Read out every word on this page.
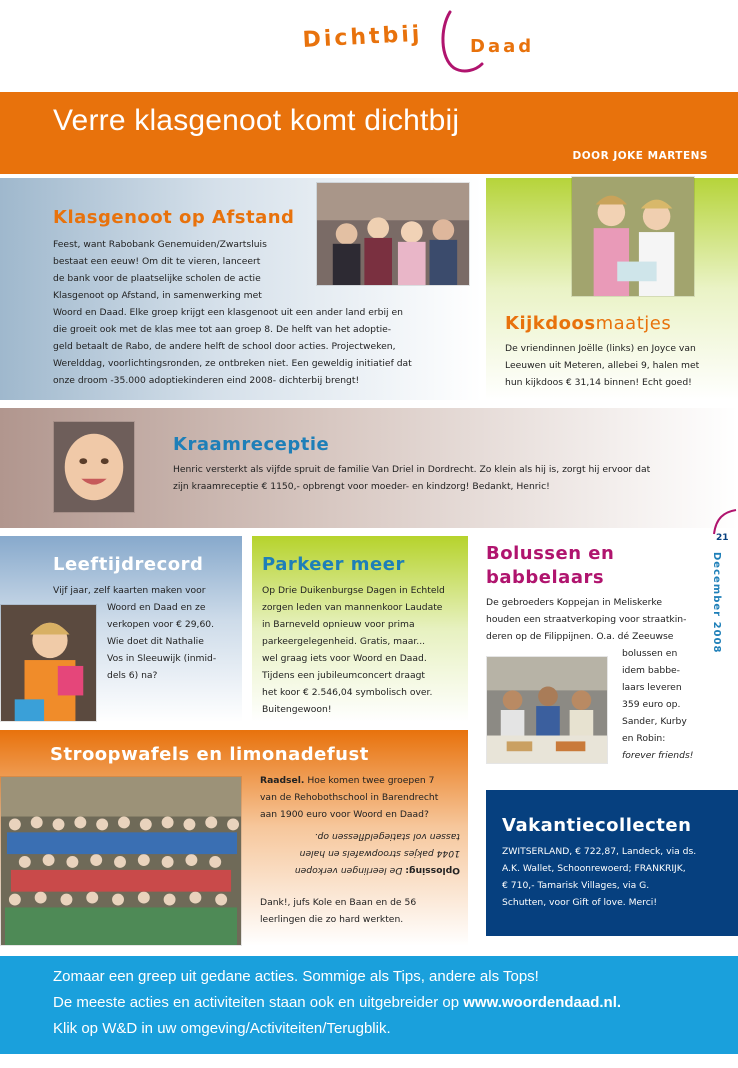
Dichtbij	Daad
Verre klasgenoot komt dichtbij
DOOR JOKE MARTENS
Klasgenoot op Afstand
Feest, want Rabobank Genemuiden/Zwartsluis
bestaat een eeuw! Om dit te vieren, lanceert
de bank voor de plaatselijke scholen de actie
Klasgenoot op Afstand, in samenwerking met
Woord en Daad. Elke groep krijgt een klasgenoot uit een ander land erbij en
die groeit ook met de klas mee tot aan groep 8. De helft van het adoptie-
geld betaalt de Rabo, de andere helft de school door acties. Projectweken,
Werelddag, voorlichtingsronden, ze ontbreken niet. Een geweldig initiatief dat
onze droom -35.000 adoptiekinderen eind 2008- dichterbij brengt!
Kijkdoosmaatjes
De vriendinnen Joëlle (links) en Joyce van
Leeuwen uit Meteren, allebei 9, halen met
hun kijkdoos € 31,14 binnen! Echt goed!
Kraamreceptie
Henric versterkt als vijfde spruit de familie Van Driel in Dordrecht. Zo klein als hij is, zorgt hij ervoor dat
zijn kraamreceptie € 1150,- opbrengt voor moeder- en kindzorg! Bedankt, Henric!
Leeftijdrecord
Vijf jaar, zelf kaarten maken voor
Woord en Daad en ze
verkopen voor € 29,60.
Wie doet dit Nathalie
Vos in Sleeuwijk (inmid-
dels 6) na?
Parkeer meer
Op Drie Duikenburgse Dagen in Echteld
zorgen leden van mannenkoor Laudate
in Barneveld opnieuw voor prima
parkeergelegenheid. Gratis, maar...
wel graag iets voor Woord en Daad.
Tijdens een jubileumconcert draagt
het koor € 2.546,04 symbolisch over.
Buitengewoon!
Bolussen en
babbelaars
De gebroeders Koppejan in Meliskerke
houden een straatverkoping voor straatkin-
deren op de Filippijnen. O.a. dé Zeeuwse
bolussen en
idem babbe-
laars leveren
359 euro op.
Sander, Kurby
en Robin:
forever friends!
21
December 2008
Stroopwafels en limonadefust
Raadsel. Hoe komen twee groepen 7
van de Rehobothschool in Barendrecht
aan 1900 euro voor Woord en Daad?
Oplossing: De leerlingen verkopen
1044 pakjes stroopwafels en halen
tassen vol statiegeldflessen op.
Dank!, jufs Kole en Baan en de 56
leerlingen die zo hard werkten.
Vakantiecollecten
ZWITSERLAND, € 722,87, Landeck, via ds.
A.K. Wallet, Schoonrewoerd; FRANKRIJK,
€ 710,- Tamarisk Villages, via G.
Schutten, voor Gift of love. Merci!
Zomaar een greep uit gedane acties. Sommige als Tips, andere als Tops!
De meeste acties en activiteiten staan ook en uitgebreider op www.woordendaad.nl.
Klik op W&D in uw omgeving/Activiteiten/Terugblik.
